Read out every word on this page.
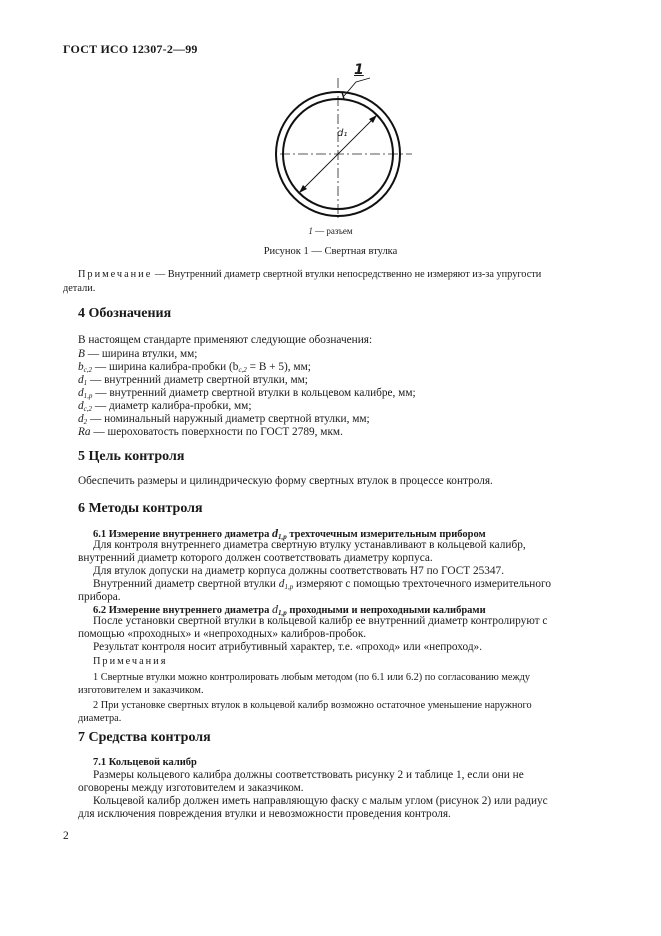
ГОСТ ИСО 12307-2—99
1
d₁
1 — разъем
Рисунок 1 — Свертная втулка
Примечание — Внутренний диаметр свертной втулки непосредственно не измеряют из-за упругости
детали.
4 Обозначения
В настоящем стандарте применяют следующие обозначения:
B — ширина втулки, мм;
$b_{c,2}$ — ширина калибра-пробки $(b_{c,2} = B + 5)$, мм;
$d_1$ — внутренний диаметр свертной втулки, мм;
$d_{1,p}$ — внутренний диаметр свертной втулки в кольцевом калибре, мм;
$d_{c,2}$ — диаметр калибра-пробки, мм;
$d_2$ — номинальный наружный диаметр свертной втулки, мм;
Ra — шероховатость поверхности по ГОСТ 2789, мкм.
5 Цель контроля
Обеспечить размеры и цилиндрическую форму свертных втулок в процессе контроля.
6 Методы контроля
6.1 Измерение внутреннего диаметра $d_{1,p}$ трехточечным измерительным прибором
Для контроля внутреннего диаметра свертную втулку устанавливают в кольцевой калибр,
внутренний диаметр которого должен соответствовать диаметру корпуса.
Для втулок допуски на диаметр корпуса должны соответствовать H7 по ГОСТ 25347.
Внутренний диаметр свертной втулки $d_{1,p}$ измеряют с помощью трехточечного измерительного
прибора.
6.2 Измерение внутреннего диаметра $d_{1,p}$ проходными и непроходными калибрами
После установки свертной втулки в кольцевой калибр ее внутренний диаметр контролируют с
помощью «проходных» и «непроходных» калибров-пробок.
Результат контроля носит атрибутивный характер, т.е. «проход» или «непроход».
Примечания
1 Свертные втулки можно контролировать любым методом (по 6.1 или 6.2) по согласованию между
изготовителем и заказчиком.
2 При установке свертных втулок в кольцевой калибр возможно остаточное уменьшение наружного
диаметра.
7 Средства контроля
7.1 Кольцевой калибр
Размеры кольцевого калибра должны соответствовать рисунку 2 и таблице 1, если они не
оговорены между изготовителем и заказчиком.
Кольцевой калибр должен иметь направляющую фаску с малым углом (рисунок 2) или радиус
для исключения повреждения втулки и невозможности проведения контроля.
2
